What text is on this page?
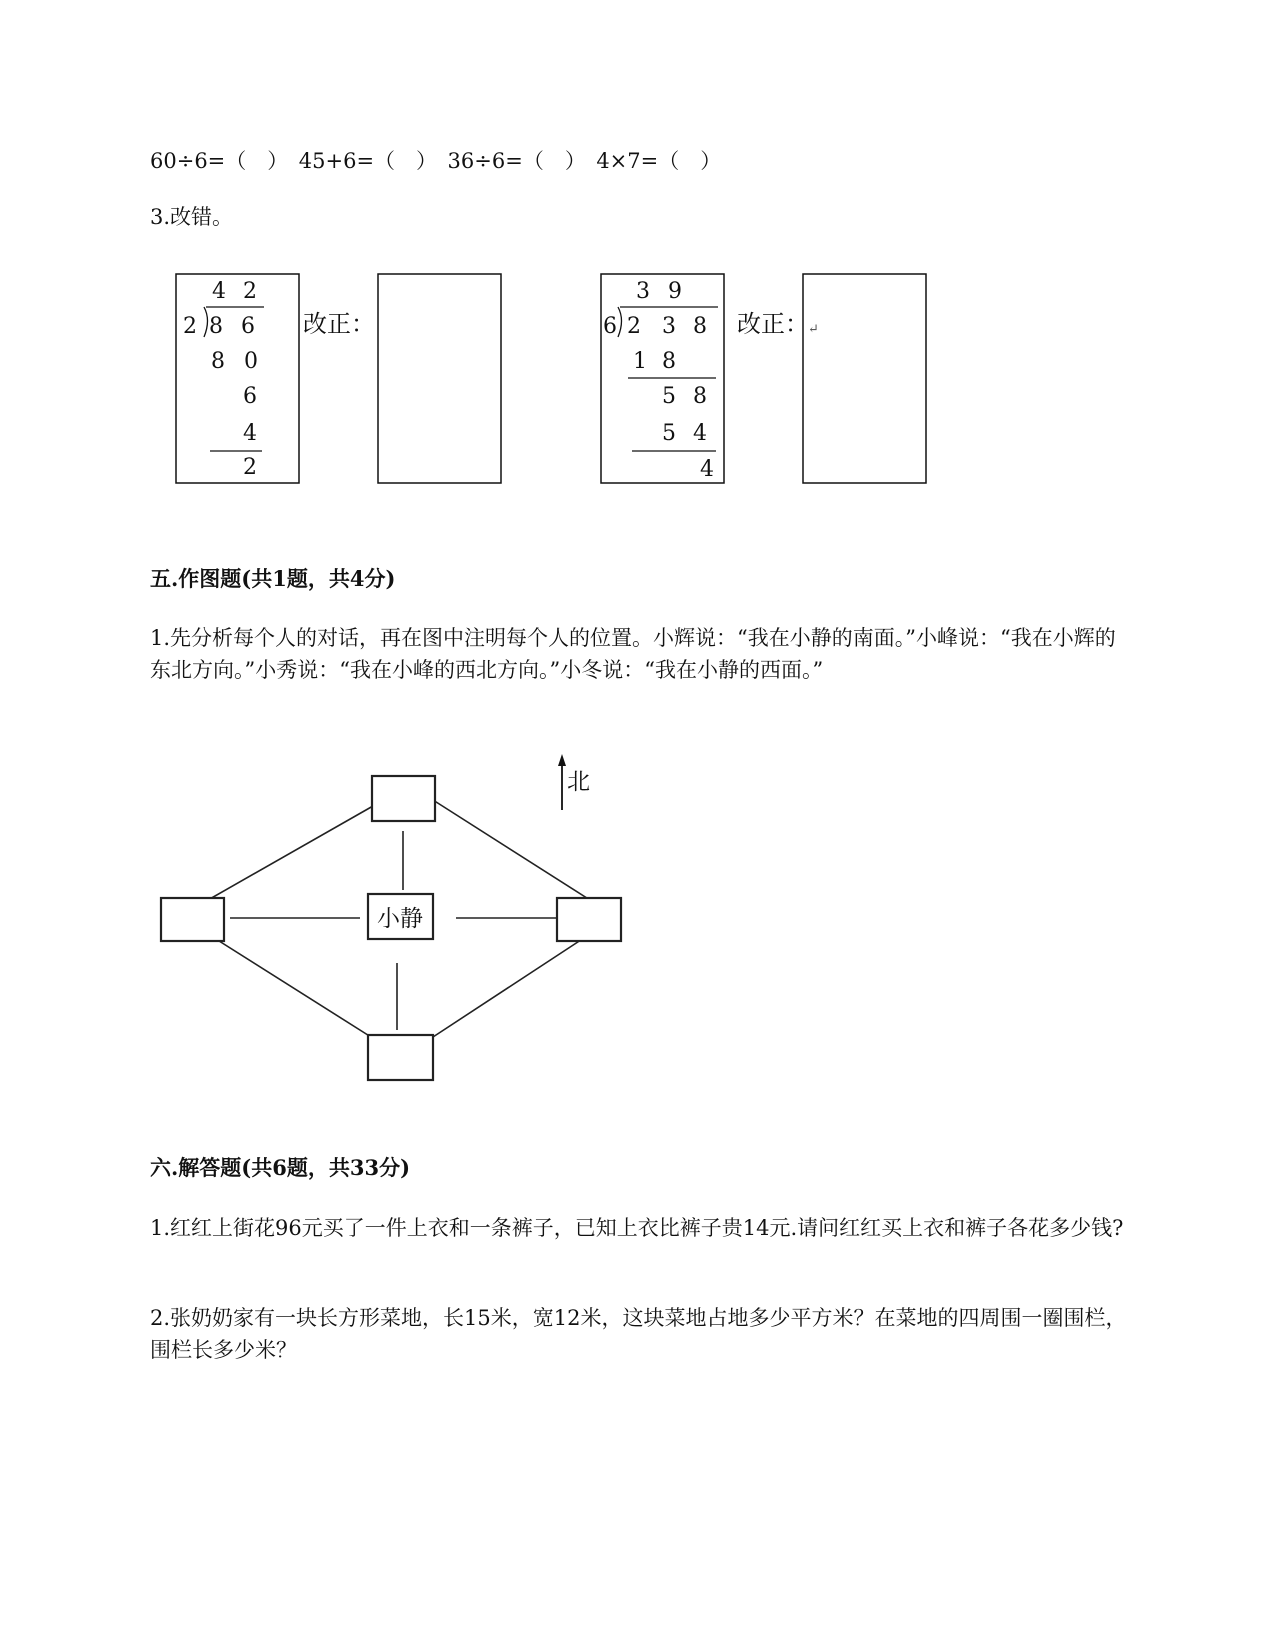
60÷6=（　）　45+6=（　）　36÷6=（　）　4×7=（　）
3.改错。
4 2
2 8 6
8 0
6
4
2
改正：
3 9
6 2 3 8
1 8
5 8
5 4
4
改正： ↵
五.作图题(共1题，共4分)
1.先分析每个人的对话，再在图中注明每个人的位置。小辉说：“我在小静的南面。”小峰说：“我在小辉的东北方向。”小秀说：“我在小峰的西北方向。”小冬说：“我在小静的西面。”
小静
北
六.解答题(共6题，共33分)
1.红红上街花96元买了一件上衣和一条裤子，已知上衣比裤子贵14元.请问红红买上衣和裤子各花多少钱?
2.张奶奶家有一块长方形菜地，长15米，宽12米，这块菜地占地多少平方米？在菜地的四周围一圈围栏，围栏长多少米？
